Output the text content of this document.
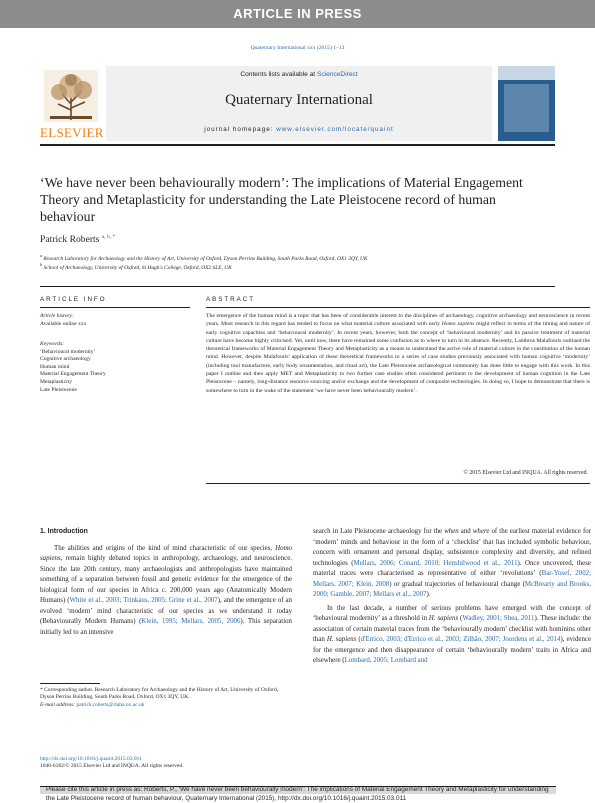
ARTICLE IN PRESS
Quaternary International xxx (2015) 1–13
ELSEVIER
Contents lists available at ScienceDirect
Quaternary International
journal homepage: www.elsevier.com/locate/quaint
‘We have never been behaviourally modern’: The implications of Material Engagement Theory and Metaplasticity for understanding the Late Pleistocene record of human behaviour
Patrick Roberts $^{a, b, *}$
$^a$ Research Laboratory for Archaeology and the History of Art, University of Oxford, Dyson Perrins Building, South Parks Road, Oxford, OX1 3QY, UK
$^b$ School of Archaeology, University of Oxford, St Hugh's College, Oxford, OX2 6LE, UK
ARTICLE INFO
Article history:
Available online xxx
Keywords:
‘Behavioural modernity’
Cognitive archaeology
Human mind
Material Engagement Theory
Metaplasticity
Late Pleistocene
ABSTRACT
The emergence of the human mind is a topic that has been of considerable interest to the disciplines of archaeology, cognitive archaeology and neuroscience in recent years. Most research in this regard has tended to focus on what material culture associated with early Homo sapiens might reflect in terms of the timing and nature of early cognitive capacities and ‘behavioural modernity’. In recent years, however, both the concept of ‘behavioural modernity’ and its passive treatment of material culture have become highly criticised. Yet, until now, there have remained some confusion as to where to turn in its absence. Recently, Lambros Malafouris outlined the theoretical frameworks of Material Engagement Theory and Metaplasticity as a means to understand the active role of material culture in the constitution of the human mind. However, despite Malafouris' application of these theoretical frameworks to a series of case studies previously associated with human cognitive ‘modernity’ (including tool manufacture, early body ornamentation, and ritual art), the Late Pleistocene archaeological community has done little to engage with this work. In this paper I outline and then apply MET and Metaplasticity to two further case studies often considered pertinent to the development of human cognition in the Late Pleistocene – namely, long-distance resource sourcing and/or exchange and the development of composite technologies. In doing so, I hope to demonstrate that there is somewhere to turn in the wake of the statement ‘we have never been behaviourally modern’.
© 2015 Elsevier Ltd and INQUA. All rights reserved.
1. Introduction

The abilities and origins of the kind of mind characteristic of our species, Homo sapiens, remain highly debated topics in anthropology, archaeology, and neuroscience. Since the late 20th century, many archaeologists and anthropologists have maintained something of a separation between fossil and genetic evidence for the emergence of the biological form of our species in Africa c. 200,000 years ago (Anatomically Modern Humans) (White et al., 2003; Trinkaus, 2005; Grine et al., 2007), and the emergence of an evolved ‘modern’ mind characteristic of our species as we understand it today (Behaviourally Modern Humans) (Klein, 1995; Mellars, 2005, 2006). This separation initially led to an intensive

search in Late Pleistocene archaeology for the when and where of the earliest material evidence for ‘modern’ minds and behaviour in the form of a ‘checklist’ that has included symbolic behaviour, concern with ornament and personal display, subsistence complexity and diversity, and refined technologies (Mellars, 2006; Conard, 2010; Henshilwood et al., 2011). Once uncovered, these material traces were characterised as representative of either ‘revolutions’ (Bar-Yosef, 2002; Mellars, 2007; Klein, 2008) or gradual trajectories of behavioural change (McBrearty and Brooks, 2000; Gamble, 2007; Mellars et al., 2007).

In the last decade, a number of serious problems have emerged with the concept of ‘behavioural modernity’ as a threshold in H. sapiens (Wadley, 2001; Shea, 2011). These include: the association of certain material traces from the ‘behaviourally modern’ checklist with hominins other than H. sapiens (d'Errico, 2003; d'Errico et al., 2003; Zilhão, 2007; Joordens et al., 2014), evidence for the emergence and then disappearance of certain ‘behaviourally modern’ traits in Africa and elsewhere (Lombard, 2005; Lombard and

* Corresponding author. Research Laboratory for Archaeology and the History of Art, University of Oxford, Dyson Perrins Building, South Parks Road, Oxford, OX1 3QY, UK.
E-mail address: patrick.roberts@rlaha.ox.ac.uk
http://dx.doi.org/10.1016/j.quaint.2015.03.011
1040-6182/© 2015 Elsevier Ltd and INQUA. All rights reserved.
Please cite this article in press as: Roberts, P., ‘We have never been behaviourally modern’: The implications of Material Engagement Theory and Metaplasticity for understanding the Late Pleistocene record of human behaviour, Quaternary International (2015), http://dx.doi.org/10.1016/j.quaint.2015.03.011
